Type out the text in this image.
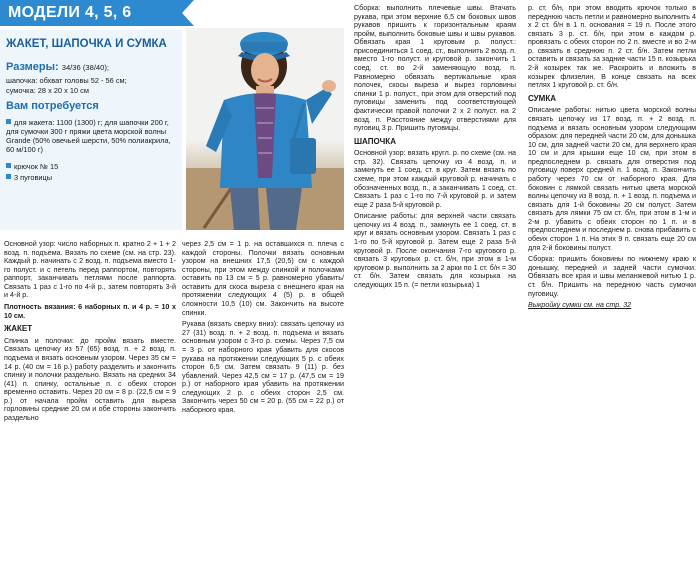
МОДЕЛИ 4, 5, 6
ЖАКЕТ, ШАПОЧКА И СУМКА
Размеры: 34/36 (38/40);
шапочка: обхват головы 52 - 56 см;
сумочка: 28 х 20 х 10 см
Вам потребуется
для жакета: 1100 (1300) г; для шапочки 200 г, для сумочки 300 г пряжи цвета морской волны Grande (50% овечьей шерсти, 50% полиакрила, 60 м/100 г)
крючок № 15
3 пуговицы

Основной узор: число наборных п. кратно 2 + 1 + 2 возд. п. подъема. Вязать по схеме (см. на стр. 23). Каждый р. начинать с 2 возд. п. подъема вместо 1-го полуст. и с петель перед раппортом, повторять раппорт, заканчивать петлями после раппорта. Связать 1 раз с 1-го по 4-й р., затем повторять 3-й и 4-й р.

Плотность вязания: 6 наборных п. и 4 р. = 10 х 10 см.

ЖАКЕТ

Спинка и полочки: до пройм вязать вместе. Связать цепочку из 57 (65) возд. п. + 2 возд. п. подъема и вязать основным узором. Через 35 см = 14 р. (40 см = 16 р.) работу разделить и закончить спинку и полочки раздельно. Вязать на средних 34 (41) п. спинку, остальные п. с обеих сторон временно оставить. Через 20 см = 8 р. (22,5 см = 9 р.) от начала пройм оставить для выреза горловины средние 20 см и обе стороны закончить раздельно

через 2,5 см = 1 р. на оставшихся п. плеча с каждой стороны. Полочки вязать основным узором на внешних 17,5 (20,5) см с каждой стороны, при этом между спинкой и полочками оставить по 13 см = 5 р. равномерно убавить/оставить для скоса выреза с внешнего края на протяжении следующих 4 (5) р. в общей сложности 10,5 (10) см. Закончить на высоте спинки.

Рукава (вязать сверху вниз): связать цепочку из 27 (31) возд. п. + 2 возд. п. подъема и вязать основным узором с 3-го р. схемы. Через 7,5 см = 3 р. от наборного края убавить для скосов рукава на протяжении следующих 5 р. с обеих сторон 6,5 см. Затем связать 9 (11) р. без убавлений. Через 42,5 см = 17 р. (47,5 см = 19 р.) от наборного края убавить на протяжении следующих 2 р. с обеих сторон 2,5 см. Закончить через 50 см = 20 р. (55 см = 22 р.) от наборного края.

Сборка: выполнить плечевые швы. Втачать рукава, при этом верхние 6,5 см боковых швов рукавов пришить к горизонтальным краям пройм, выполнить боковые швы и швы рукавов. Обвязать края 1 круговым р. полуст.: присоединиться 1 соед. ст., выполнить 2 возд. п. вместо 1-го полуст. и круговой р. закончить 1 соед. ст. во 2-й заменяющую возд. п. Равномерно обвязать вертикальные края полочек, скосы выреза и вырез горловины спинки 1 р. полуст., при этом для отверстий под пуговицы заменить под соответствующей фактически правой полочки 2 х 2 полуст. на 2 возд. п. Расстояние между отверстиями для пуговиц 3 р. Пришить пуговицы.

ШАПОЧКА

Основной узор: вязать кругл. р. по схеме (см. на стр. 32). Связать цепочку из 4 возд. п. и замкнуть ее 1 соед. ст. в круг. Затем вязать по схеме, при этом каждый круговой р. начинать с обозначенных возд. п., а заканчивать 1 соед. ст. Связать 1 раз с 1-го по 7-й круговой р. и затем еще 2 раза 5-й круговой р.

Описание работы: для верхней части связать цепочку из 4 возд. п., замкнуть ее 1 соед. ст. в круг и вязать основным узором. Связать 1 раз с 1-го по 5-й круговой р. Затем еще 2 раза 5-й круговой р. После окончания 7-го кругового р. связать 3 круговых р. ст. б/н, при этом в 1-м круговом р. выполнить за 2 арки по 1 ст. б/н = 30 ст. б/н. Затем связать для козырька на следующих 15 п. (= петли козырька) 1

р. ст. б/н, при этом вводить крючок только в переднюю часть петли и равномерно выполнить 4 х 2 ст. б/н в 1 п. основания = 19 п. После этого связать 3 р. ст. б/н, при этом в каждом р. провязать с обеих сторон по 2 п. вместе и во 2-м р. связать в среднюю п. 2 ст. б/н. Затем петли оставить и связать за задние части 15 п. козырька 2-й козырек так же. Раскроить и вложить в козырек флизелин. В конце связать на всех петлях 1 круговой р. ст. б/н.

СУМКА

Описание работы: нитью цвета морской волны связать цепочку из 17 возд. п. + 2 возд. п. подъема и вязать основным узором следующим образом: для передней части 20 см, для донышка 10 см, для задней части 20 см, для верхнего края 10 см и для крышки еще 10 см, при этом в предпоследнем р. связать для отверстия под пуговицу поверх средней п. 1 возд. п. Закончить работу через 70 см от наборного края. Для боковин с лямкой связать нитью цвета морской волны цепочку из 8 возд. п. + 1 возд. п. подъема и связать для 1-й боковины 20 см полуст. Затем связать для лямки 75 см ст. б/н, при этом в 1-м и 2-м р. убавить с обеих сторон по 1 п. и в предпоследнем и последнем р. снова прибавить с обеих сторон 1 п. На этих 9 п. связать еще 20 см для 2-й боковины полуст.

Сборка: пришить боковины по нижнему краю к донышку, передней и задней части сумочки. Обвязать все края и швы меланжевой нитью 1 р. ст. б/н. Пришить на переднюю часть сумочки пуговицу.

Выкройку сумки см. на стр. 32
